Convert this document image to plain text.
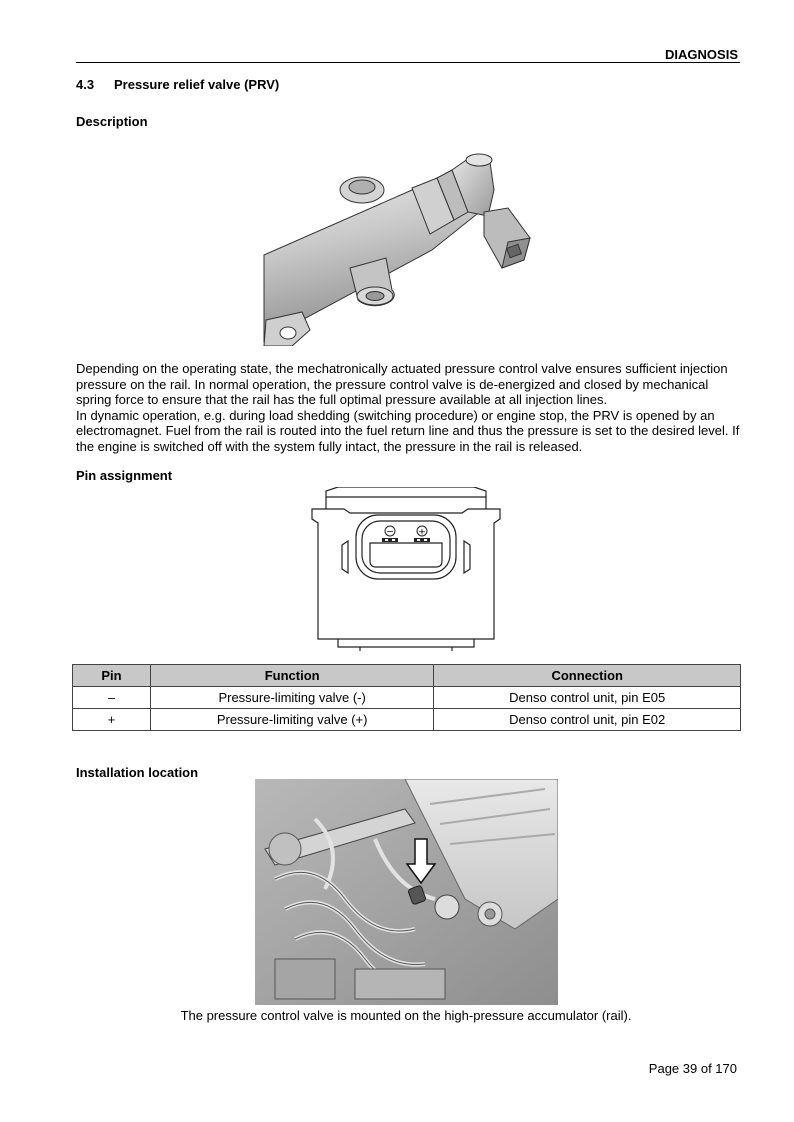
DIAGNOSIS
4.3 Pressure relief valve (PRV)
Description

Depending on the operating state, the mechatronically actuated pressure control valve ensures sufficient injection pressure on the rail. In normal operation, the pressure control valve is de-energized and closed by mechanical spring force to ensure that the rail has the full optimal pressure available at all injection lines.

In dynamic operation, e.g. during load shedding (switching procedure) or engine stop, the PRV is opened by an electromagnet. Fuel from the rail is routed into the fuel return line and thus the pressure is set to the desired level. If the engine is switched off with the system fully intact, the pressure in the rail is released.

Pin assignment
−	+
Pin	Function	Connection
–	Pressure-limiting valve (-)	Denso control unit, pin E05
+	Pressure-limiting valve (+)	Denso control unit, pin E02
Installation location
The pressure control valve is mounted on the high-pressure accumulator (rail).
Page 39 of 170
